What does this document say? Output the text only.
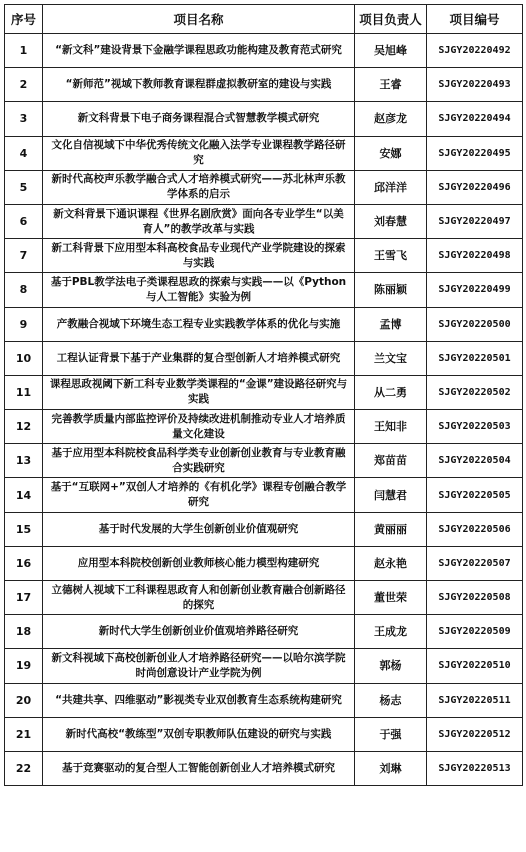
序号	项目名称	项目负责人	项目编号
1	“新文科”建设背景下金融学课程思政功能构建及教育范式研究	吴旭峰	SJGY20220492
2	“新师范”视域下教师教育课程群虚拟教研室的建设与实践	王睿	SJGY20220493
3	新文科背景下电子商务课程混合式智慧教学模式研究	赵彦龙	SJGY20220494
4	文化自信视域下中华优秀传统文化融入法学专业课程教学路径研究	安娜	SJGY20220495
5	新时代高校声乐教学融合式人才培养模式研究——苏北林声乐教学体系的启示	邱洋洋	SJGY20220496
6	新文科背景下通识课程《世界名剧欣赏》面向各专业学生“以美育人”的教学改革与实践	刘春慧	SJGY20220497
7	新工科背景下应用型本科高校食品专业现代产业学院建设的探索与实践	王雪飞	SJGY20220498
8	基于PBL教学法电子类课程思政的探索与实践——以《Python与人工智能》实验为例	陈丽颖	SJGY20220499
9	产教融合视域下环境生态工程专业实践教学体系的优化与实施	孟博	SJGY20220500
10	工程认证背景下基于产业集群的复合型创新人才培养模式研究	兰文宝	SJGY20220501
11	课程思政视阈下新工科专业数学类课程的“金课”建设路径研究与实践	从二勇	SJGY20220502
12	完善教学质量内部监控评价及持续改进机制推动专业人才培养质量文化建设	王知非	SJGY20220503
13	基于应用型本科院校食品科学类专业创新创业教育与专业教育融合实践研究	郑苗苗	SJGY20220504
14	基于“互联网+”双创人才培养的《有机化学》课程专创融合教学研究	闫慧君	SJGY20220505
15	基于时代发展的大学生创新创业价值观研究	黄丽丽	SJGY20220506
16	应用型本科院校创新创业教师核心能力模型构建研究	赵永艳	SJGY20220507
17	立德树人视域下工科课程思政育人和创新创业教育融合创新路径的探究	董世荣	SJGY20220508
18	新时代大学生创新创业价值观培养路径研究	王成龙	SJGY20220509
19	新文科视域下高校创新创业人才培养路径研究——以哈尔滨学院时尚创意设计产业学院为例	郭杨	SJGY20220510
20	“共建共享、四维驱动”影视类专业双创教育生态系统构建研究	杨志	SJGY20220511
21	新时代高校“教练型”双创专职教师队伍建设的研究与实践	于强	SJGY20220512
22	基于竞赛驱动的复合型人工智能创新创业人才培养模式研究	刘琳	SJGY20220513
